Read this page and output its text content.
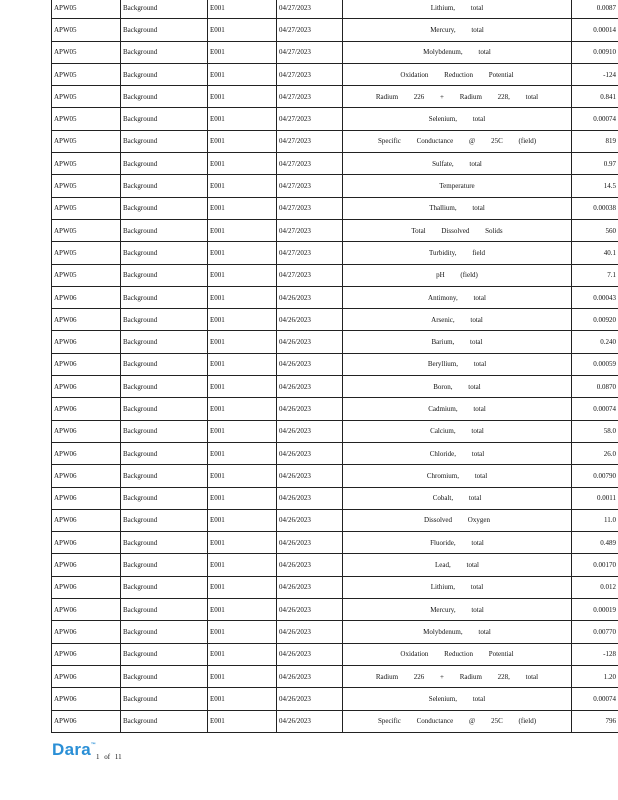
APW05	Background	E001	04/27/2023	Lithium, total	0.0087
APW05	Background	E001	04/27/2023	Mercury, total	0.00014
APW05	Background	E001	04/27/2023	Molybdenum, total	0.00910
APW05	Background	E001	04/27/2023	Oxidation Reduction Potential	-124
APW05	Background	E001	04/27/2023	Radium 226 + Radium 228, total	0.841
APW05	Background	E001	04/27/2023	Selenium, total	0.00074
APW05	Background	E001	04/27/2023	Specific Conductance @ 25C (field)	819
APW05	Background	E001	04/27/2023	Sulfate, total	0.97
APW05	Background	E001	04/27/2023	Temperature	14.5
APW05	Background	E001	04/27/2023	Thallium, total	0.00038
APW05	Background	E001	04/27/2023	Total Dissolved Solids	560
APW05	Background	E001	04/27/2023	Turbidity, field	40.1
APW05	Background	E001	04/27/2023	pH (field)	7.1
APW06	Background	E001	04/26/2023	Antimony, total	0.00043
APW06	Background	E001	04/26/2023	Arsenic, total	0.00920
APW06	Background	E001	04/26/2023	Barium, total	0.240
APW06	Background	E001	04/26/2023	Beryllium, total	0.00059
APW06	Background	E001	04/26/2023	Boron, total	0.0870
APW06	Background	E001	04/26/2023	Cadmium, total	0.00074
APW06	Background	E001	04/26/2023	Calcium, total	58.0
APW06	Background	E001	04/26/2023	Chloride, total	26.0
APW06	Background	E001	04/26/2023	Chromium, total	0.00790
APW06	Background	E001	04/26/2023	Cobalt, total	0.0011
APW06	Background	E001	04/26/2023	Dissolved Oxygen	11.0
APW06	Background	E001	04/26/2023	Fluoride, total	0.489
APW06	Background	E001	04/26/2023	Lead, total	0.00170
APW06	Background	E001	04/26/2023	Lithium, total	0.012
APW06	Background	E001	04/26/2023	Mercury, total	0.00019
APW06	Background	E001	04/26/2023	Molybdenum, total	0.00770
APW06	Background	E001	04/26/2023	Oxidation Reduction Potential	-128
APW06	Background	E001	04/26/2023	Radium 226 + Radium 228, total	1.20
APW06	Background	E001	04/26/2023	Selenium, total	0.00074
APW06	Background	E001	04/26/2023	Specific Conductance @ 25C (field)	796
Dara ™
1 of 11
